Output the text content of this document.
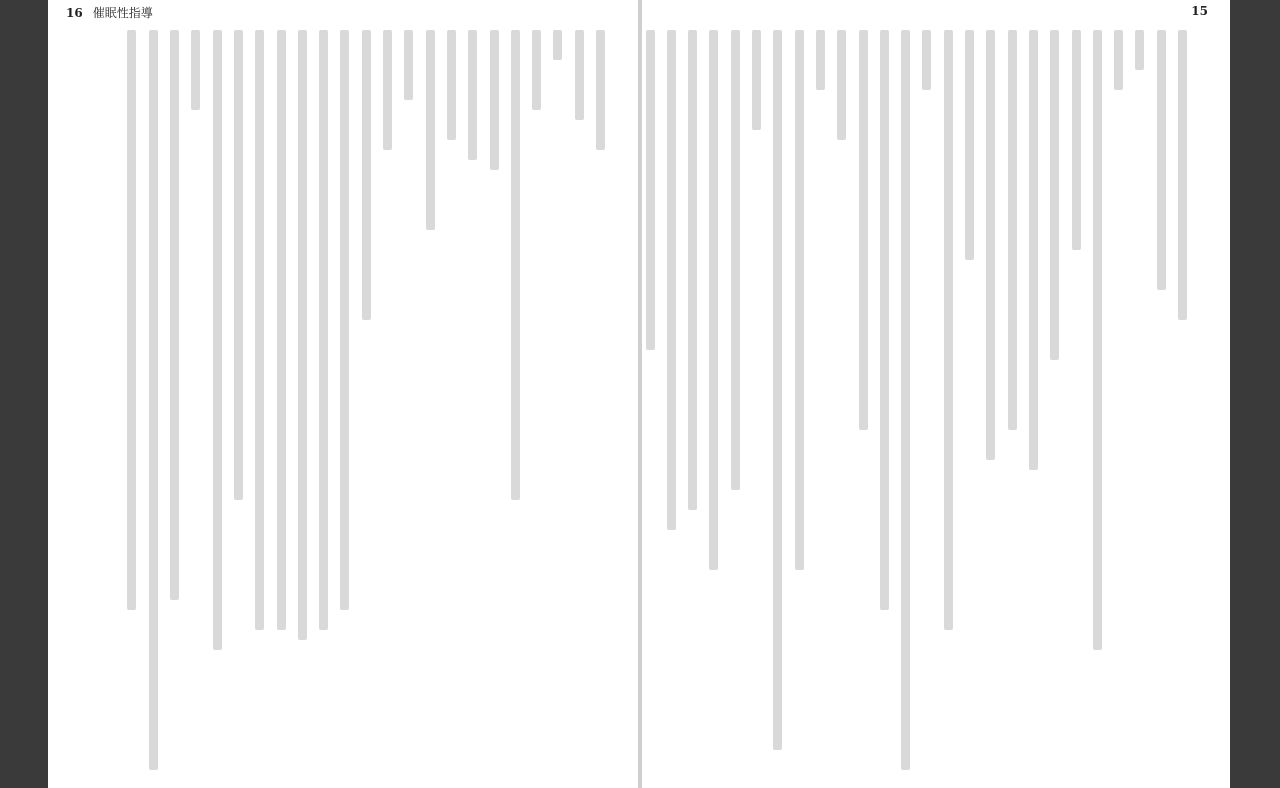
16 催眠性指導	15
